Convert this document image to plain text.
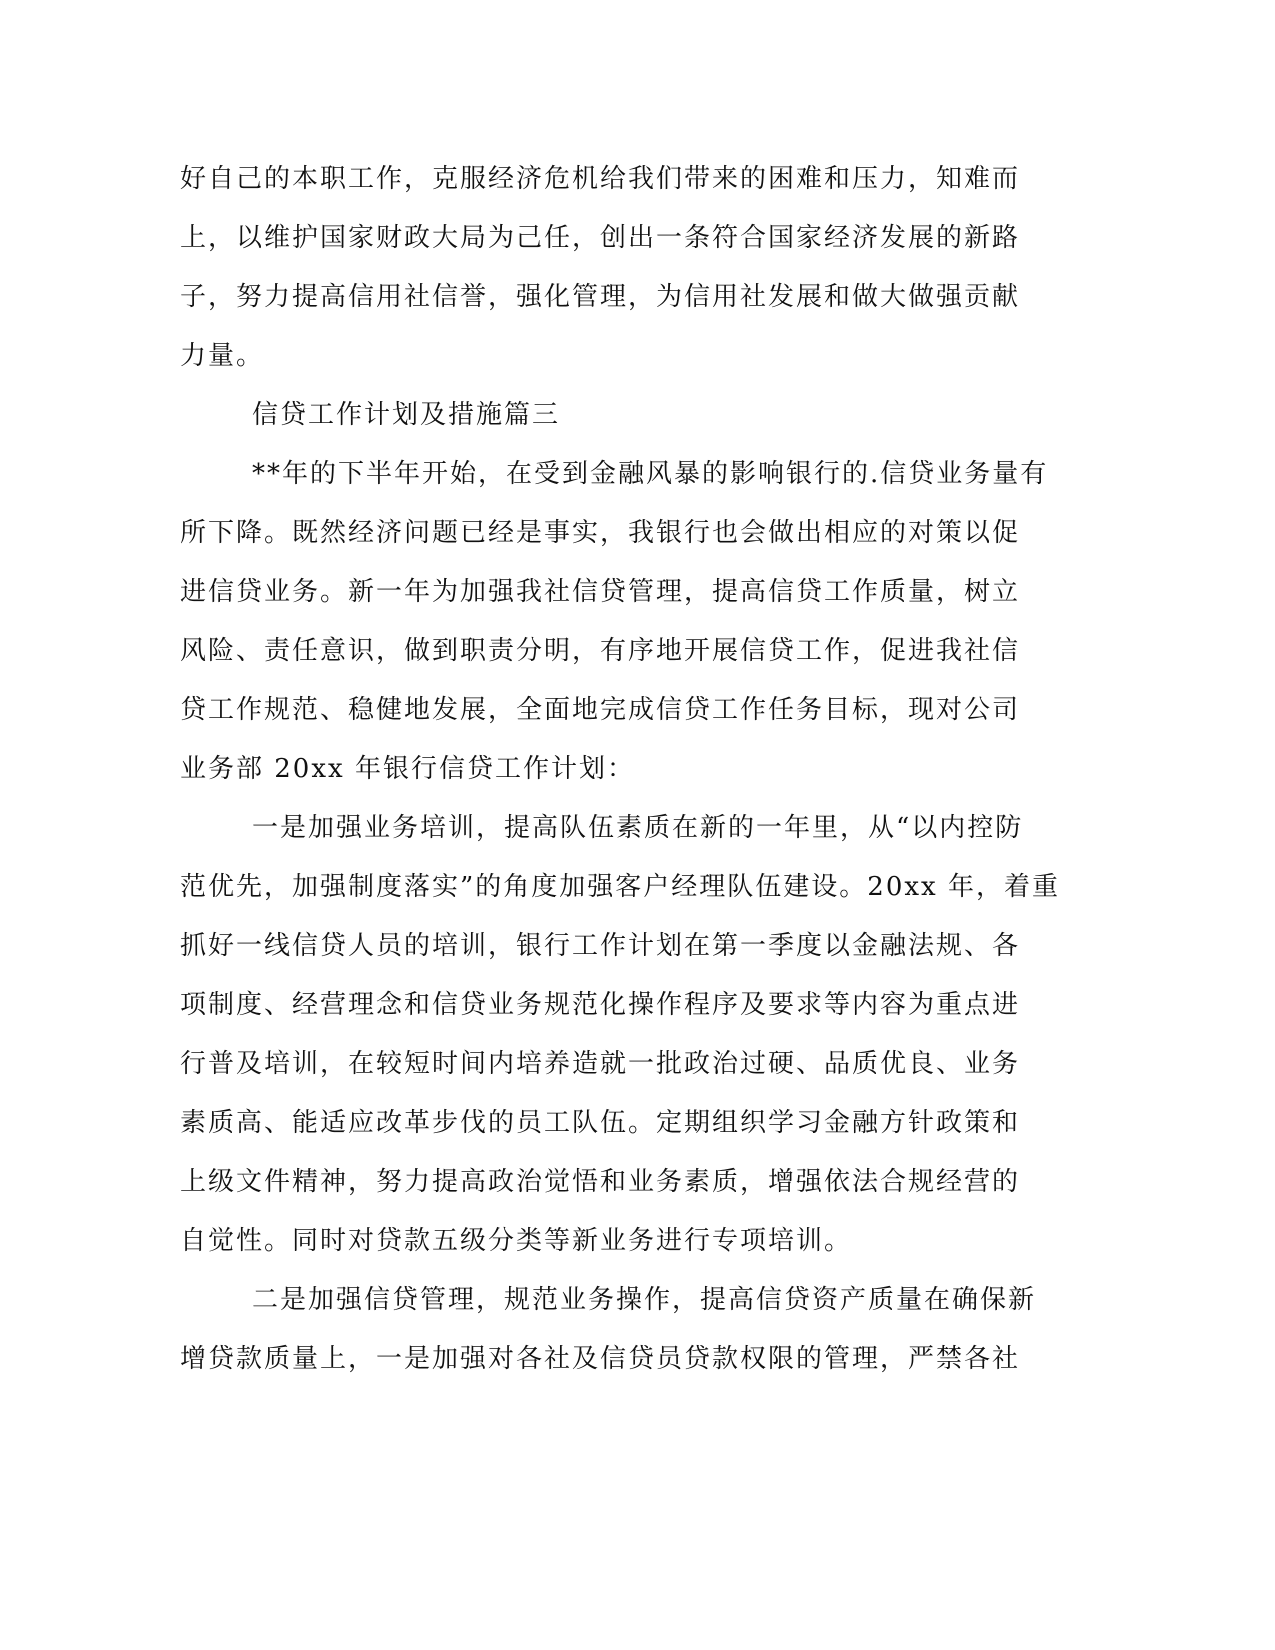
好自己的本职工作，克服经济危机给我们带来的困难和压力，知难而
上，以维护国家财政大局为己任，创出一条符合国家经济发展的新路
子，努力提高信用社信誉，强化管理，为信用社发展和做大做强贡献
力量。
信贷工作计划及措施篇三
**年的下半年开始，在受到金融风暴的影响银行的.信贷业务量有
所下降。既然经济问题已经是事实，我银行也会做出相应的对策以促
进信贷业务。新一年为加强我社信贷管理，提高信贷工作质量，树立
风险、责任意识，做到职责分明，有序地开展信贷工作，促进我社信
贷工作规范、稳健地发展，全面地完成信贷工作任务目标，现对公司
业务部 20xx 年银行信贷工作计划：
一是加强业务培训，提高队伍素质在新的一年里，从“以内控防
范优先，加强制度落实”的角度加强客户经理队伍建设。20xx 年，着重
抓好一线信贷人员的培训，银行工作计划在第一季度以金融法规、各
项制度、经营理念和信贷业务规范化操作程序及要求等内容为重点进
行普及培训，在较短时间内培养造就一批政治过硬、品质优良、业务
素质高、能适应改革步伐的员工队伍。定期组织学习金融方针政策和
上级文件精神，努力提高政治觉悟和业务素质，增强依法合规经营的
自觉性。同时对贷款五级分类等新业务进行专项培训。
二是加强信贷管理，规范业务操作，提高信贷资产质量在确保新
增贷款质量上，一是加强对各社及信贷员贷款权限的管理，严禁各社
